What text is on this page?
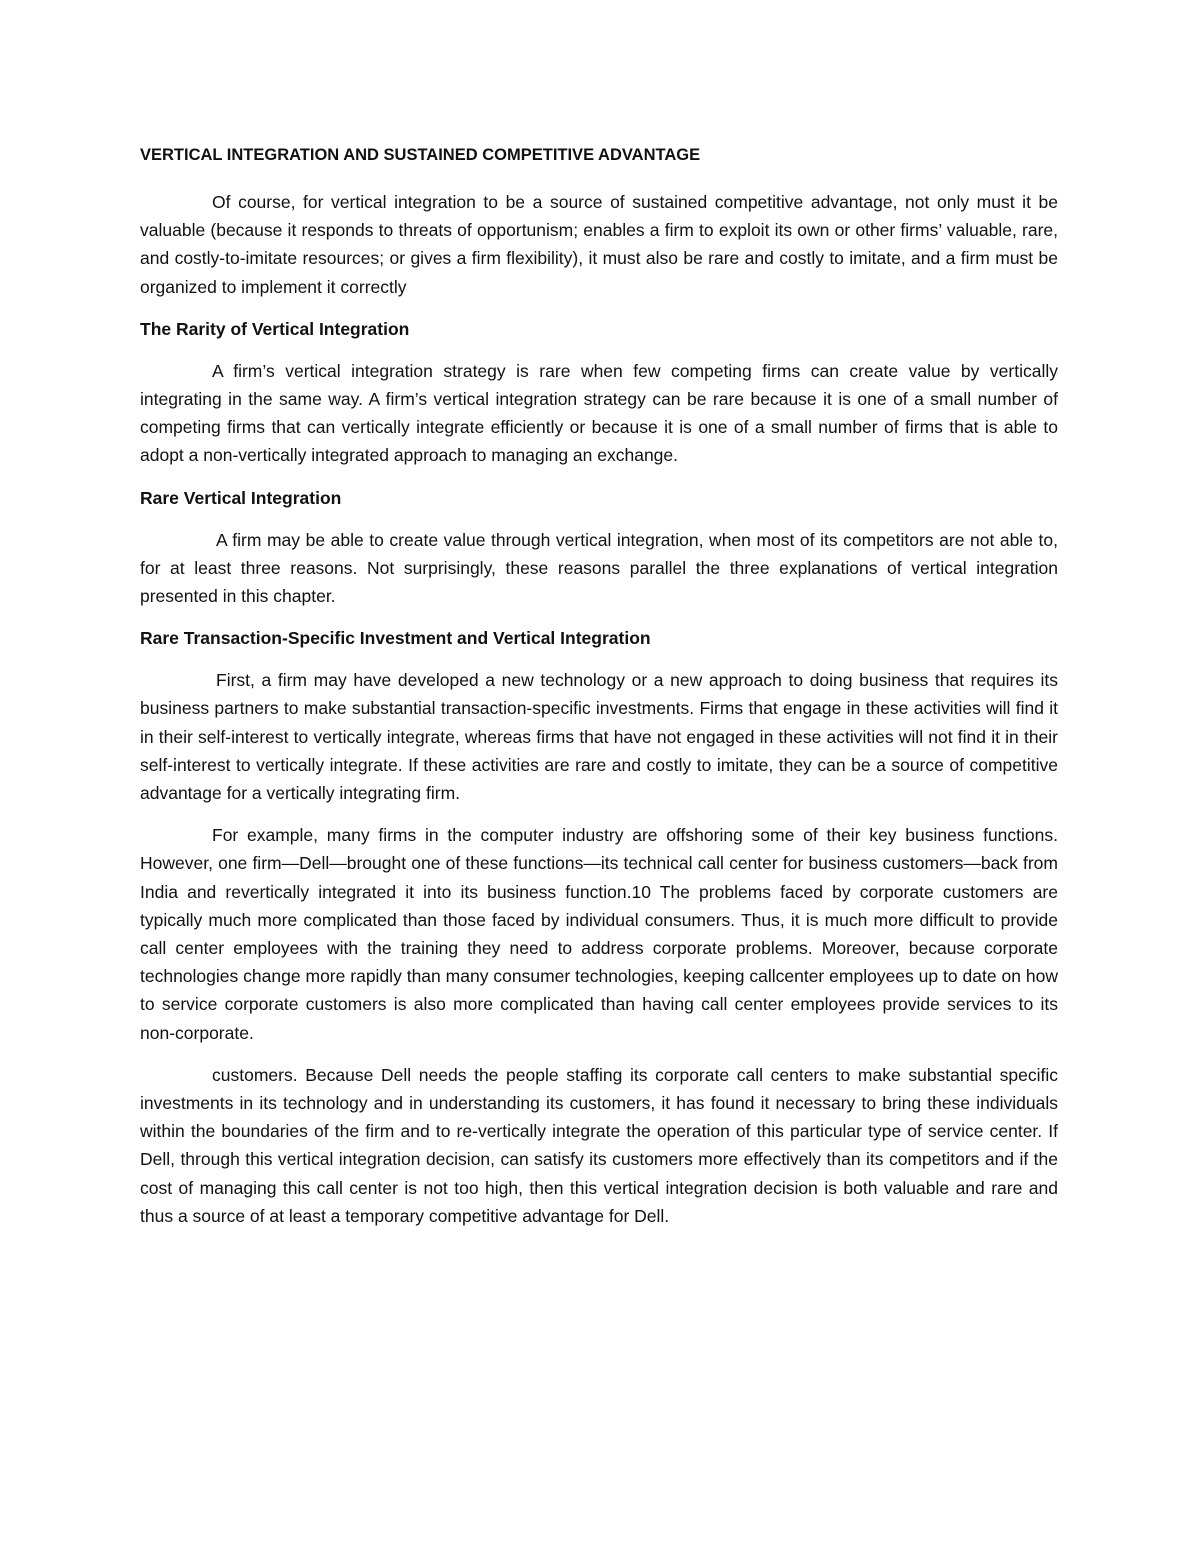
VERTICAL INTEGRATION AND SUSTAINED COMPETITIVE ADVANTAGE

Of course, for vertical integration to be a source of sustained competitive advantage, not only must it be valuable (because it responds to threats of opportunism; enables a firm to exploit its own or other firms’ valuable, rare, and costly-to-imitate resources; or gives a firm flexibility), it must also be rare and costly to imitate, and a firm must be organized to implement it correctly

The Rarity of Vertical Integration

A firm’s vertical integration strategy is rare when few competing firms can create value by vertically integrating in the same way. A firm’s vertical integration strategy can be rare because it is one of a small number of competing firms that can vertically integrate efficiently or because it is one of a small number of firms that is able to adopt a non-vertically integrated approach to managing an exchange.

Rare Vertical Integration

A firm may be able to create value through vertical integration, when most of its competitors are not able to, for at least three reasons. Not surprisingly, these reasons parallel the three explanations of vertical integration presented in this chapter.

Rare Transaction-Specific Investment and Vertical Integration

First, a firm may have developed a new technology or a new approach to doing business that requires its business partners to make substantial transaction-specific investments. Firms that engage in these activities will find it in their self-interest to vertically integrate, whereas firms that have not engaged in these activities will not find it in their self-interest to vertically integrate. If these activities are rare and costly to imitate, they can be a source of competitive advantage for a vertically integrating firm.

For example, many firms in the computer industry are offshoring some of their key business functions. However, one firm—Dell—brought one of these functions—its technical call center for business customers—back from India and revertically integrated it into its business function.10 The problems faced by corporate customers are typically much more complicated than those faced by individual consumers. Thus, it is much more difficult to provide call center employees with the training they need to address corporate problems. Moreover, because corporate technologies change more rapidly than many consumer technologies, keeping callcenter employees up to date on how to service corporate customers is also more complicated than having call center employees provide services to its non-corporate.

customers. Because Dell needs the people staffing its corporate call centers to make substantial specific investments in its technology and in understanding its customers, it has found it necessary to bring these individuals within the boundaries of the firm and to re-vertically integrate the operation of this particular type of service center. If Dell, through this vertical integration decision, can satisfy its customers more effectively than its competitors and if the cost of managing this call center is not too high, then this vertical integration decision is both valuable and rare and thus a source of at least a temporary competitive advantage for Dell.
